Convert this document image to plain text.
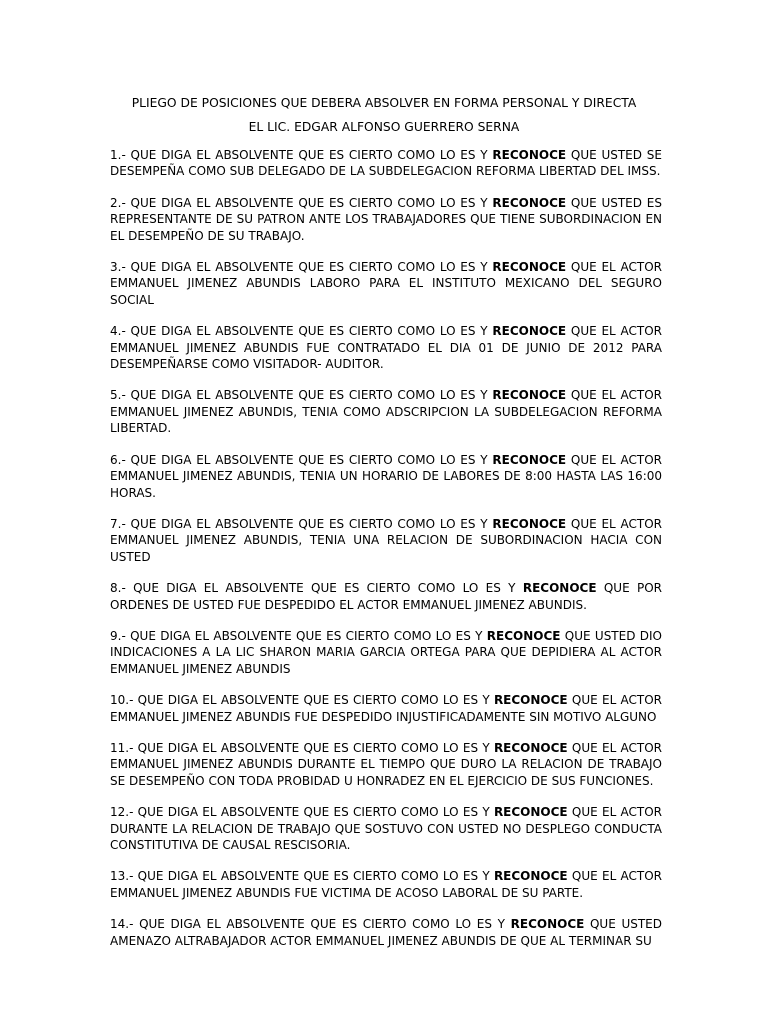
PLIEGO DE POSICIONES QUE DEBERA ABSOLVER EN FORMA PERSONAL Y DIRECTA
EL LIC. EDGAR ALFONSO GUERRERO SERNA

1.- QUE DIGA EL ABSOLVENTE QUE ES CIERTO COMO LO ES Y RECONOCE QUE USTED SE DESEMPEÑA COMO SUB DELEGADO DE LA SUBDELEGACION REFORMA LIBERTAD DEL IMSS.

2.- QUE DIGA EL ABSOLVENTE QUE ES CIERTO COMO LO ES Y RECONOCE QUE USTED ES REPRESENTANTE DE SU PATRON ANTE LOS TRABAJADORES QUE TIENE SUBORDINACION EN EL DESEMPEÑO DE SU TRABAJO.

3.- QUE DIGA EL ABSOLVENTE QUE ES CIERTO COMO LO ES Y RECONOCE QUE EL ACTOR EMMANUEL JIMENEZ ABUNDIS LABORO PARA EL INSTITUTO MEXICANO DEL SEGURO SOCIAL

4.- QUE DIGA EL ABSOLVENTE QUE ES CIERTO COMO LO ES Y RECONOCE QUE EL ACTOR EMMANUEL JIMENEZ ABUNDIS FUE CONTRATADO EL DIA 01 DE JUNIO DE 2012 PARA DESEMPEÑARSE COMO VISITADOR- AUDITOR.

5.- QUE DIGA EL ABSOLVENTE QUE ES CIERTO COMO LO ES Y RECONOCE QUE EL ACTOR EMMANUEL JIMENEZ ABUNDIS, TENIA COMO ADSCRIPCION LA SUBDELEGACION REFORMA LIBERTAD.

6.- QUE DIGA EL ABSOLVENTE QUE ES CIERTO COMO LO ES Y RECONOCE QUE EL ACTOR EMMANUEL JIMENEZ ABUNDIS, TENIA UN HORARIO DE LABORES DE 8:00 HASTA LAS 16:00 HORAS.

7.- QUE DIGA EL ABSOLVENTE QUE ES CIERTO COMO LO ES Y RECONOCE QUE EL ACTOR EMMANUEL JIMENEZ ABUNDIS, TENIA UNA RELACION DE SUBORDINACION HACIA CON USTED

8.- QUE DIGA EL ABSOLVENTE QUE ES CIERTO COMO LO ES Y RECONOCE QUE POR ORDENES DE USTED FUE DESPEDIDO EL ACTOR EMMANUEL JIMENEZ ABUNDIS.

9.- QUE DIGA EL ABSOLVENTE QUE ES CIERTO COMO LO ES Y RECONOCE QUE USTED DIO INDICACIONES A LA LIC SHARON MARIA GARCIA ORTEGA PARA QUE DEPIDIERA AL ACTOR EMMANUEL JIMENEZ ABUNDIS

10.- QUE DIGA EL ABSOLVENTE QUE ES CIERTO COMO LO ES Y RECONOCE QUE EL ACTOR EMMANUEL JIMENEZ ABUNDIS FUE DESPEDIDO INJUSTIFICADAMENTE SIN MOTIVO ALGUNO

11.- QUE DIGA EL ABSOLVENTE QUE ES CIERTO COMO LO ES Y RECONOCE QUE EL ACTOR EMMANUEL JIMENEZ ABUNDIS DURANTE EL TIEMPO QUE DURO LA RELACION DE TRABAJO SE DESEMPEÑO CON TODA PROBIDAD U HONRADEZ EN EL EJERCICIO DE SUS FUNCIONES.

12.- QUE DIGA EL ABSOLVENTE QUE ES CIERTO COMO LO ES Y RECONOCE QUE EL ACTOR DURANTE LA RELACION DE TRABAJO QUE SOSTUVO CON USTED NO DESPLEGO CONDUCTA CONSTITUTIVA DE CAUSAL RESCISORIA.

13.- QUE DIGA EL ABSOLVENTE QUE ES CIERTO COMO LO ES Y RECONOCE QUE EL ACTOR EMMANUEL JIMENEZ ABUNDIS FUE VICTIMA DE ACOSO LABORAL DE SU PARTE.

14.- QUE DIGA EL ABSOLVENTE QUE ES CIERTO COMO LO ES Y RECONOCE QUE USTED AMENAZO ALTRABAJADOR ACTOR EMMANUEL JIMENEZ ABUNDIS DE QUE AL TERMINAR SU
